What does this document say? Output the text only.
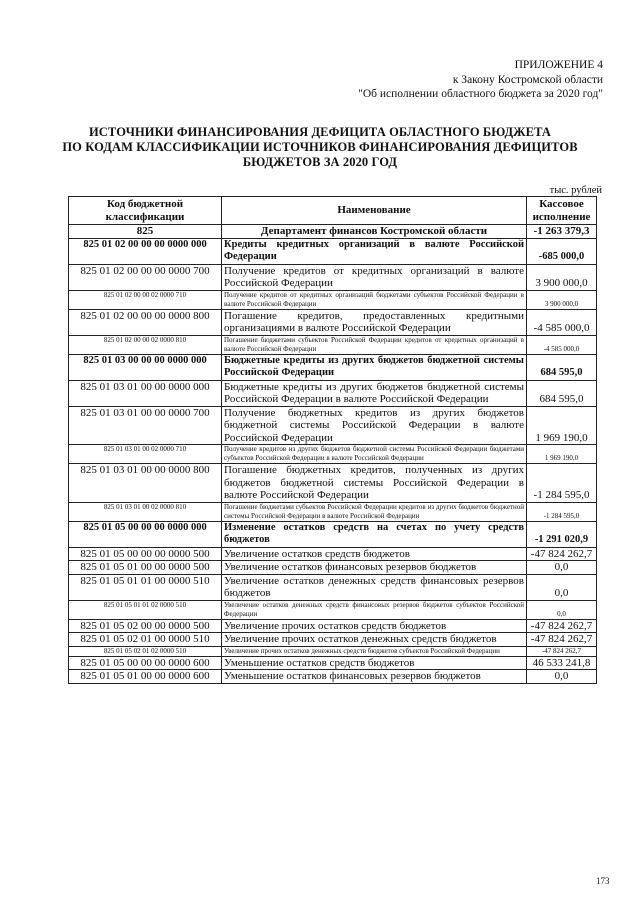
ПРИЛОЖЕНИЕ 4
к Закону Костромской области
"Об исполнении областного бюджета за 2020 год"
ИСТОЧНИКИ ФИНАНСИРОВАНИЯ ДЕФИЦИТА ОБЛАСТНОГО БЮДЖЕТА
ПО КОДАМ КЛАССИФИКАЦИИ ИСТОЧНИКОВ ФИНАНСИРОВАНИЯ ДЕФИЦИТОВ
БЮДЖЕТОВ ЗА 2020 ГОД
тыс. рублей
Код бюджетной классификации	Наименование	Кассовое исполнение
825	Департамент финансов Костромской области	-1 263 379,3
825 01 02 00 00 00 0000 000	Кредиты кредитных организаций в валюте Российской Федерации	-685 000,0
825 01 02 00 00 00 0000 700	Получение кредитов от кредитных организаций в валюте Российской Федерации	3 900 000,0
825 01 02 00 00 02 0000 710	Получение кредитов от кредитных организаций бюджетами субъектов Российской Федерации в валюте Российской Федерации	3 900 000,0
825 01 02 00 00 00 0000 800	Погашение кредитов, предоставленных кредитными организациями в валюте Российской Федерации	-4 585 000,0
825 01 02 00 00 02 0000 810	Погашение бюджетами субъектов Российской Федерации кредитов от кредитных организаций в валюте Российской Федерации	-4 585 000,0
825 01 03 00 00 00 0000 000	Бюджетные кредиты из других бюджетов бюджетной системы Российской Федерации	684 595,0
825 01 03 01 00 00 0000 000	Бюджетные кредиты из других бюджетов бюджетной системы Российской Федерации в валюте Российской Федерации	684 595,0
825 01 03 01 00 00 0000 700	Получение бюджетных кредитов из других бюджетов бюджетной системы Российской Федерации в валюте Российской Федерации	1 969 190,0
825 01 03 01 00 02 0000 710	Получение кредитов из других бюджетов бюджетной системы Российской Федерации бюджетами субъектов Российской Федерации в валюте Российской Федерации	1 969 190,0
825 01 03 01 00 00 0000 800	Погашение бюджетных кредитов, полученных из других бюджетов бюджетной системы Российской Федерации в валюте Российской Федерации	-1 284 595,0
825 01 03 01 00 02 0000 810	Погашение бюджетами субъектов Российской Федерации кредитов из других бюджетов бюджетной системы Российской Федерации в валюте Российской Федерации	-1 284 595,0
825 01 05 00 00 00 0000 000	Изменение остатков средств на счетах по учету средств бюджетов	-1 291 020,9
825 01 05 00 00 00 0000 500	Увеличение остатков средств бюджетов	-47 824 262,7
825 01 05 01 00 00 0000 500	Увеличение остатков финансовых резервов бюджетов	0,0
825 01 05 01 01 00 0000 510	Увеличение остатков денежных средств финансовых резервов бюджетов	0,0
825 01 05 01 01 02 0000 510	Увеличение остатков денежных средств финансовых резервов бюджетов субъектов Российской Федерации	0,0
825 01 05 02 00 00 0000 500	Увеличение прочих остатков средств бюджетов	-47 824 262,7
825 01 05 02 01 00 0000 510	Увеличение прочих остатков денежных средств бюджетов	-47 824 262,7
825 01 05 02 01 02 0000 510	Увеличение прочих остатков денежных средств бюджетов субъектов Российской Федерации	-47 824 262,7
825 01 05 00 00 00 0000 600	Уменьшение остатков средств бюджетов	46 533 241,8
825 01 05 01 00 00 0000 600	Уменьшение остатков финансовых резервов бюджетов	0,0
173
